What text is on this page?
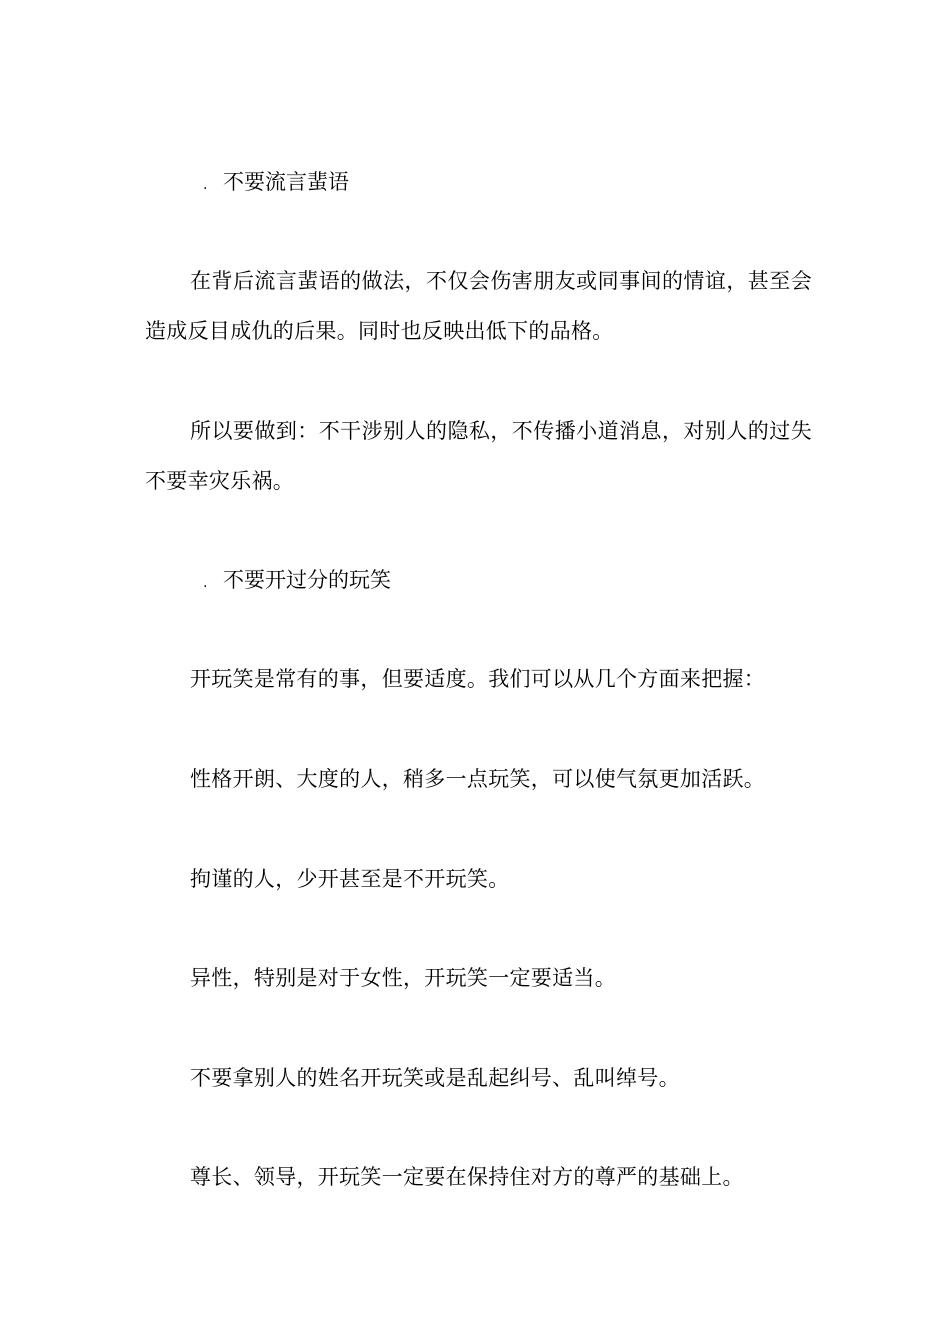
. 不要流言蜚语
在背后流言蜚语的做法，不仅会伤害朋友或同事间的情谊，甚至会造成反目成仇的后果。同时也反映出低下的品格。
所以要做到：不干涉别人的隐私，不传播小道消息，对别人的过失不要幸灾乐祸。
. 不要开过分的玩笑
开玩笑是常有的事，但要适度。我们可以从几个方面来把握：
性格开朗、大度的人，稍多一点玩笑，可以使气氛更加活跃。
拘谨的人，少开甚至是不开玩笑。
异性，特别是对于女性，开玩笑一定要适当。
不要拿别人的姓名开玩笑或是乱起纠号、乱叫绰号。
尊长、领导，开玩笑一定要在保持住对方的尊严的基础上。
